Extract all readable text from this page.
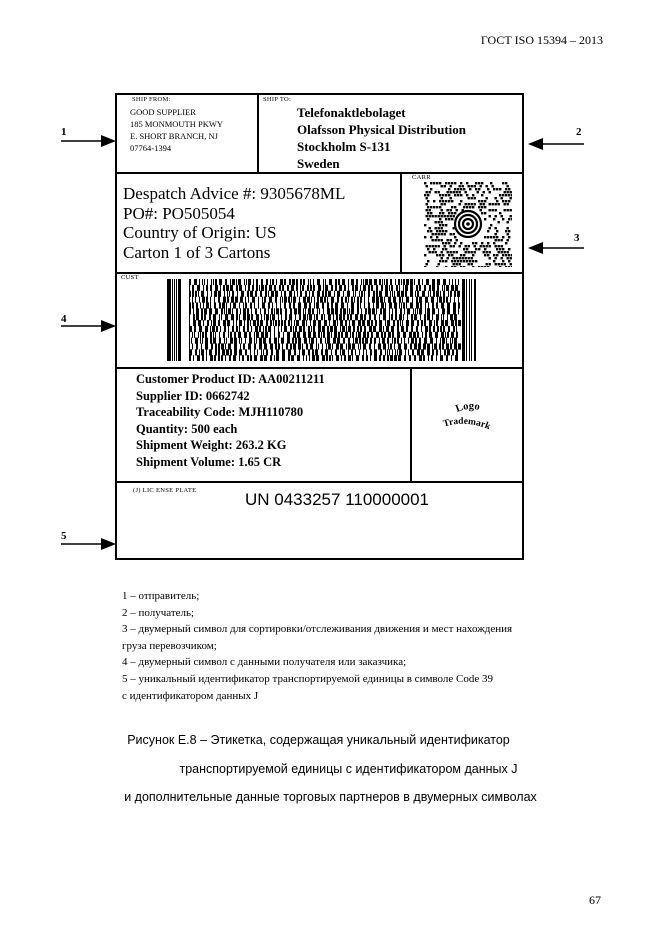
ГОСТ ISO 15394 – 2013
SHIP FROM:
GOOD SUPPLIER
185 MONMOUTH PKWY
E. SHORT BRANCH, NJ
07764-1394
SHIP TO:
Telefonaktlebolaget
Olafsson Physical Distribution
Stockholm S-131
Sweden
Despatch Advice #: 9305678ML
PO#: PO505054
Country of Origin: US
Carton 1 of 3 Cartons
CARR
CUST
Customer Product ID: AA00211211
Supplier ID: 0662742
Traceability Code: MJH110780
Quantity: 500 each
Shipment Weight: 263.2 KG
Shipment Volume: 1.65 CR
Logo
Trademark
(J) LIC ENSE PLATE	UN 0433257 110000001
1	2
3
4
5
1 – отправитель;
2 – получатель;
3 – двумерный символ для сортировки/отслеживания движения и мест нахождения
груза перевозчиком;
4 – двумерный символ с данными получателя или заказчика;
5 – уникальный идентификатор транспортируемой единицы в символе Code 39
с идентификатором данных J
Рисунок Е.8 – Этикетка, содержащая уникальный идентификатор
транспортируемой единицы с идентификатором данных J
и дополнительные данные торговых партнеров в двумерных символах
67
